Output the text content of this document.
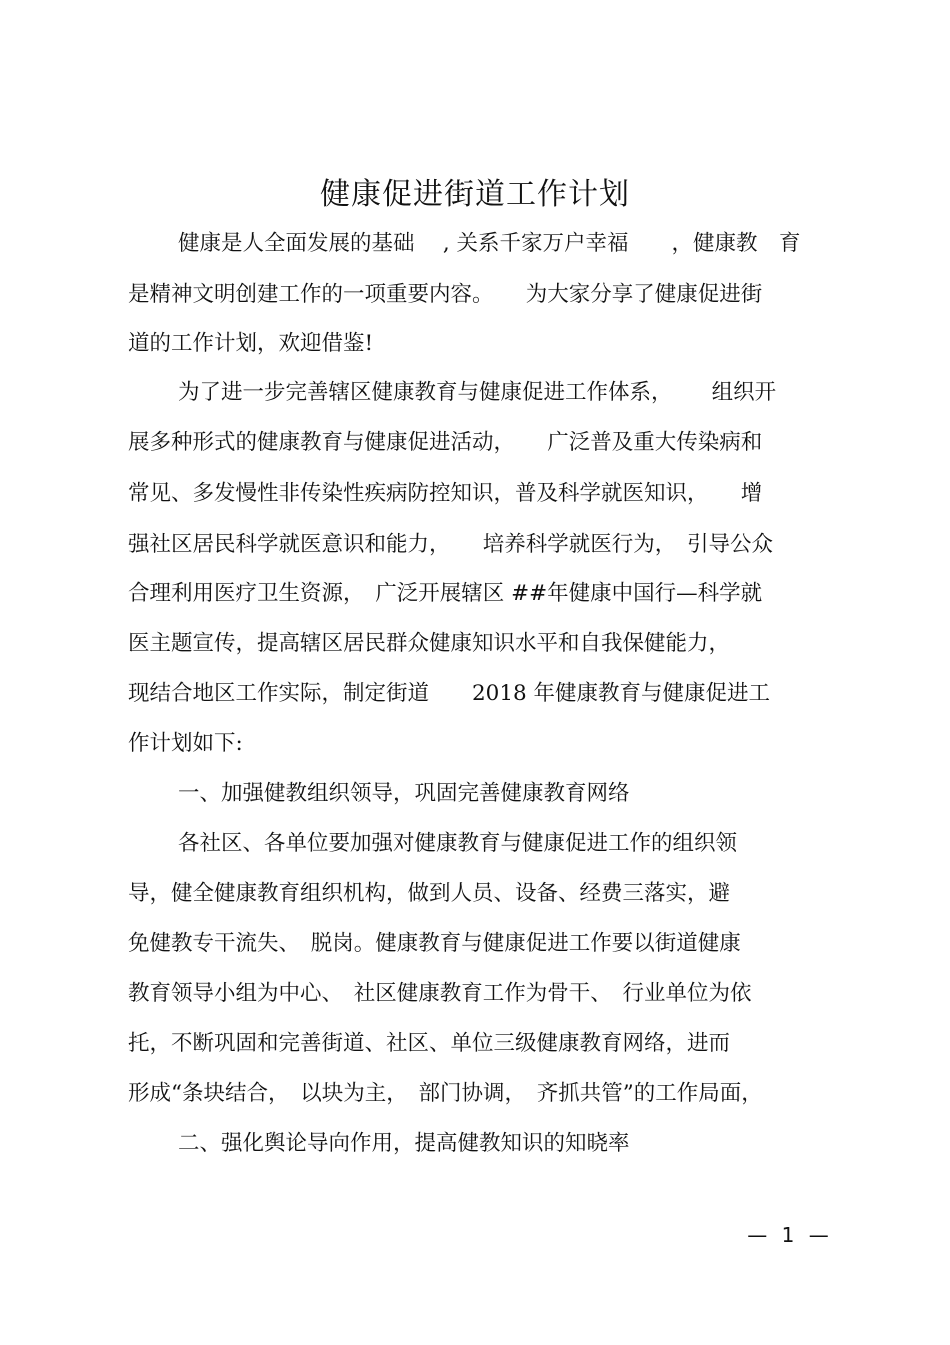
健康促进街道工作计划
健康是人全面发展的基础　 , 关系千家万户幸福　　，健康教　育
是精神文明创建工作的一项重要内容。　　为大家分享了健康促进街
道的工作计划，欢迎借鉴!
为了进一步完善辖区健康教育与健康促进工作体系，　　 组织开
展多种形式的健康教育与健康促进活动，　　广泛普及重大传染病和
常见、多发慢性非传染性疾病防控知识，普及科学就医知识，　　增
强社区居民科学就医意识和能力，　　培养科学就医行为，　引导公众
合理利用医疗卫生资源，　广泛开展辖区 ##年健康中国行—科学就
医主题宣传，提高辖区居民群众健康知识水平和自我保健能力，
现结合地区工作实际，制定街道　　2018 年健康教育与健康促进工
作计划如下:
一、加强健教组织领导，巩固完善健康教育网络
各社区、各单位要加强对健康教育与健康促进工作的组织领
导，健全健康教育组织机构，做到人员、设备、经费三落实，避
免健教专干流失、　脱岗。健康教育与健康促进工作要以街道健康
教育领导小组为中心、　社区健康教育工作为骨干、　行业单位为依
托，不断巩固和完善街道、社区、单位三级健康教育网络，进而
形成“条块结合，　以块为主，　部门协调，　齐抓共管”的工作局面，
二、强化舆论导向作用，提高健教知识的知晓率
— 1 —
